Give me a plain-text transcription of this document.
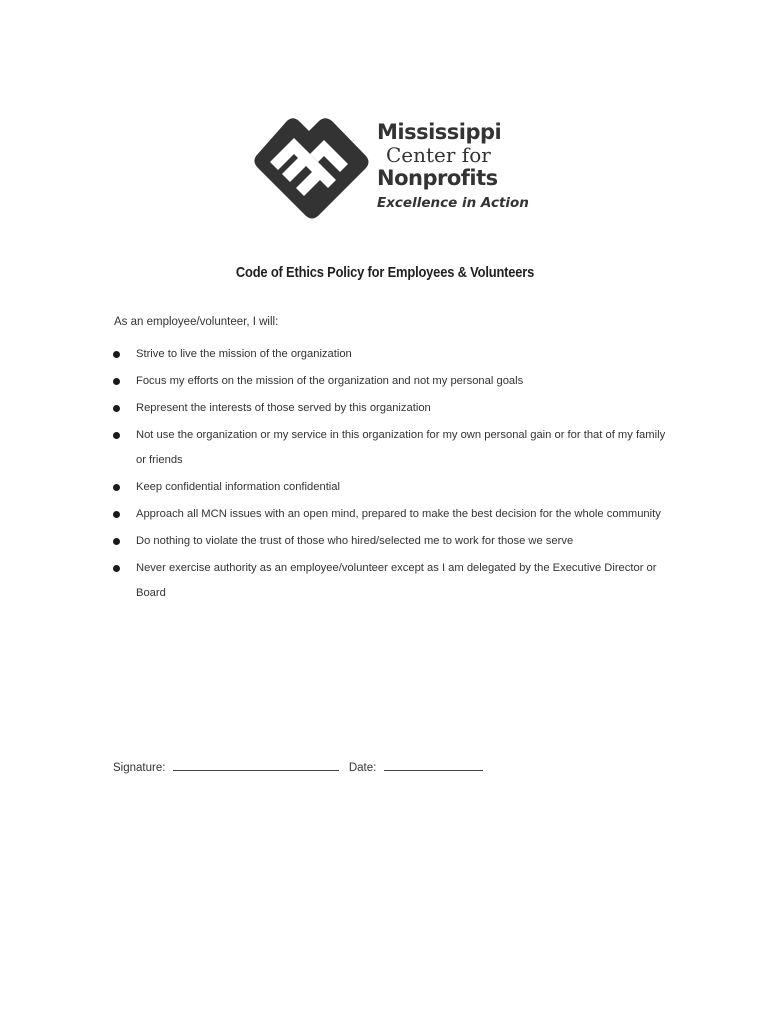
Mississippi
Center for
Nonprofits
Excellence in Action
Code of Ethics Policy for Employees & Volunteers
As an employee/volunteer, I will:
Strive to live the mission of the organization
Focus my efforts on the mission of the organization and not my personal goals
Represent the interests of those served by this organization
Not use the organization or my service in this organization for my own personal gain or for that of my family or friends
Keep confidential information confidential
Approach all MCN issues with an open mind, prepared to make the best decision for the whole community
Do nothing to violate the trust of those who hired/selected me to work for those we serve
Never exercise authority as an employee/volunteer except as I am delegated by the Executive Director or Board
Signature:	Date:
